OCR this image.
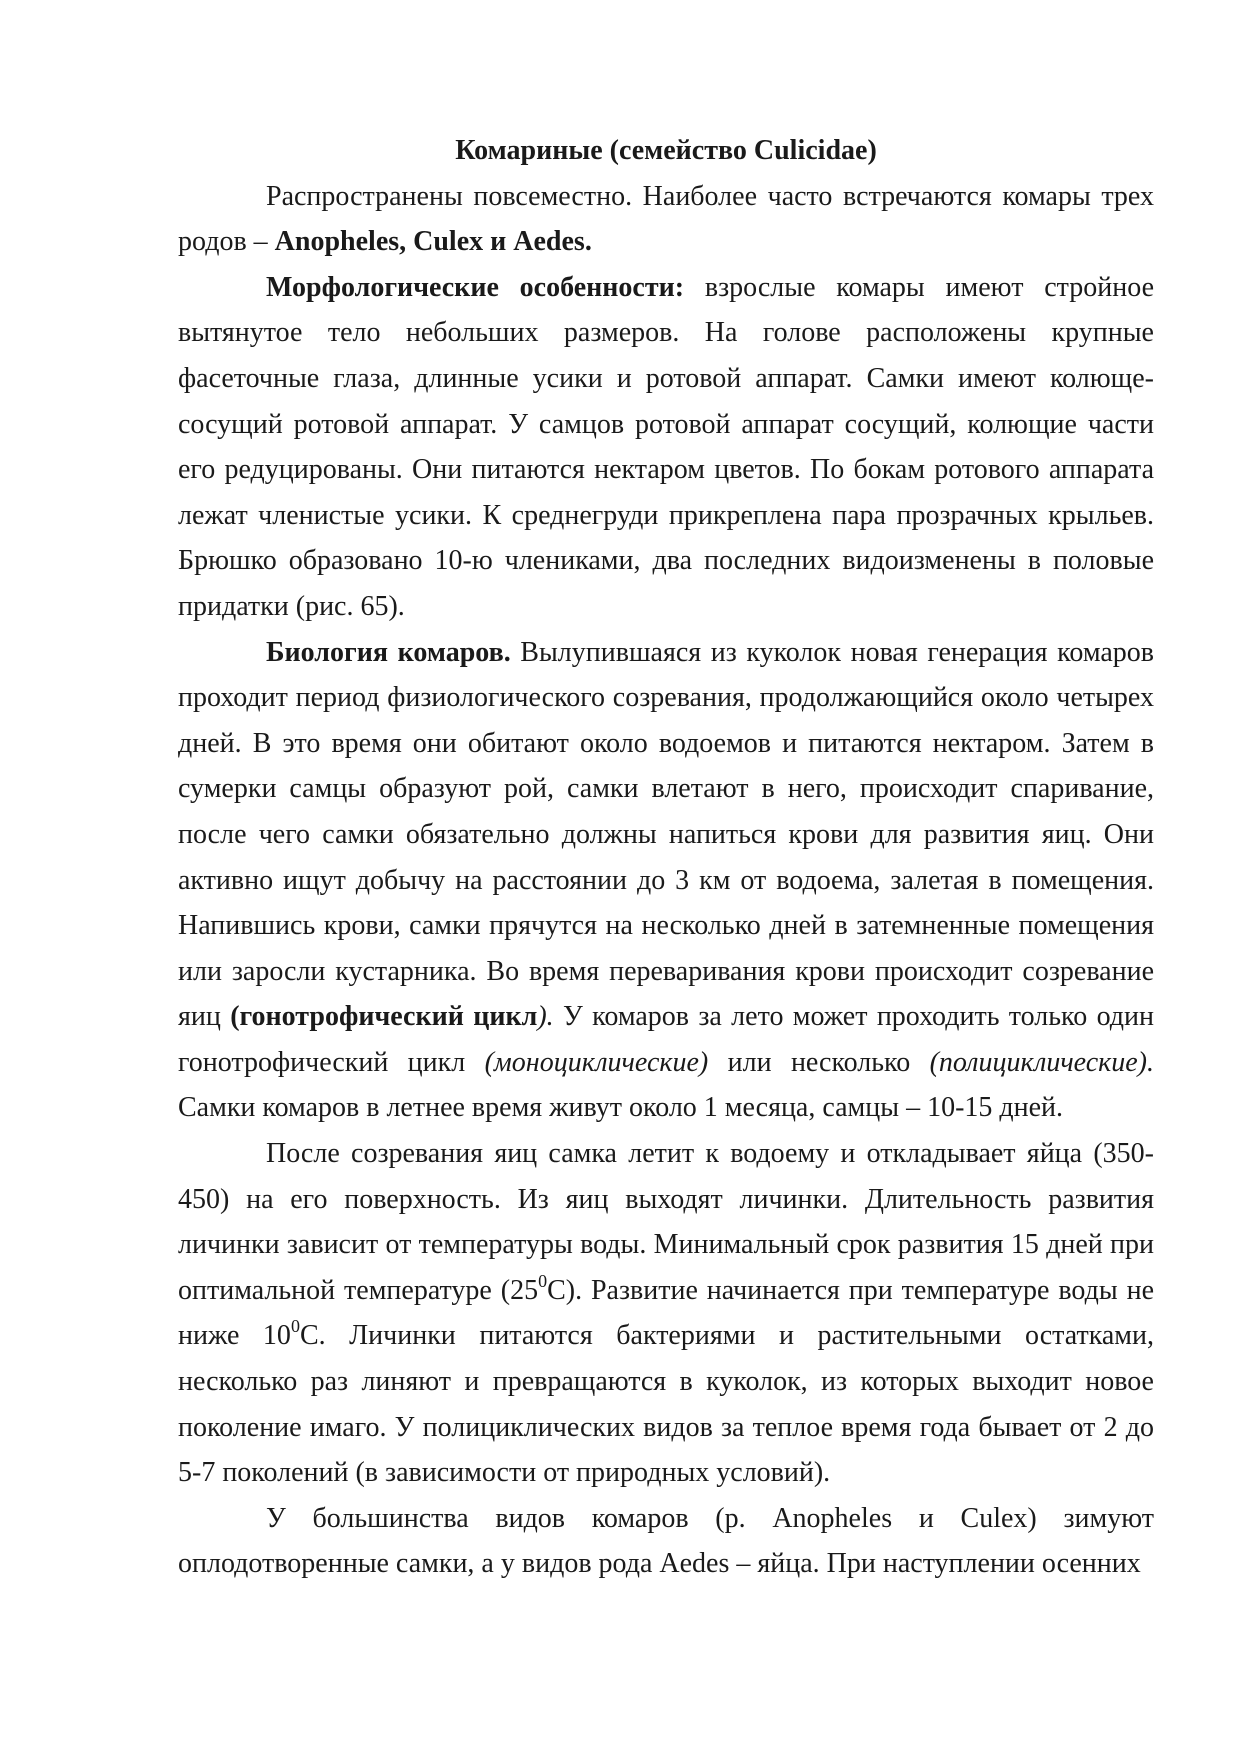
Комариные (семейство Culicidae)

Распространены повсеместно. Наиболее часто встречаются комары трех родов – Anopheles, Culex и Aedes.

Морфологические особенности: взрослые комары имеют стройное вытянутое тело небольших размеров. На голове расположены крупные фасеточные глаза, длинные усики и ротовой аппарат. Самки имеют колюще-сосущий ротовой аппарат. У самцов ротовой аппарат сосущий, колющие части его редуцированы. Они питаются нектаром цветов. По бокам ротового аппарата лежат членистые усики. К среднегруди прикреплена пара прозрачных крыльев. Брюшко образовано 10-ю члениками, два последних видоизменены в половые придатки (рис. 65).

Биология комаров. Вылупившаяся из куколок новая генерация комаров проходит период физиологического созревания, продолжающийся около четырех дней. В это время они обитают около водоемов и питаются нектаром. Затем в сумерки самцы образуют рой, самки влетают в него, происходит спаривание, после чего самки обязательно должны напиться крови для развития яиц. Они активно ищут добычу на расстоянии до 3 км от водоема, залетая в помещения. Напившись крови, самки прячутся на несколько дней в затемненные помещения или заросли кустарника. Во время переваривания крови происходит созревание яиц (гонотрофический цикл). У комаров за лето может проходить только один гонотрофический цикл (моноциклические) или несколько (полициклические). Самки комаров в летнее время живут около 1 месяца, самцы – 10-15 дней.

После созревания яиц самка летит к водоему и откладывает яйца (350-450) на его поверхность. Из яиц выходят личинки. Длительность развития личинки зависит от температуры воды. Минимальный срок развития 15 дней при оптимальной температуре $(25^0С)$. Развитие начинается при температуре воды не ниже $10^0С$. Личинки питаются бактериями и растительными остатками, несколько раз линяют и превращаются в куколок, из которых выходит новое поколение имаго. У полициклических видов за теплое время года бывает от 2 до 5-7 поколений (в зависимости от природных условий).

У большинства видов комаров (р. Anopheles и Culex) зимуют оплодотворенные самки, а у видов рода Aedes – яйца. При наступлении осенних
